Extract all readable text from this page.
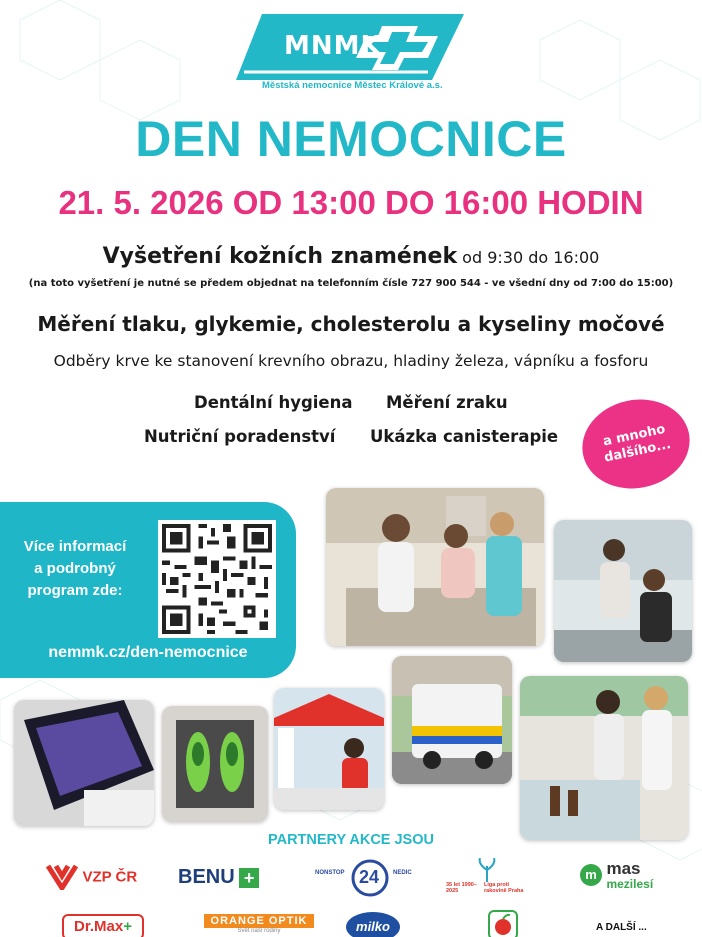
MNMK
Městská nemocnice Městec Králové a.s.
DEN NEMOCNICE
21. 5. 2026 OD 13:00 DO 16:00 HODIN
Vyšetření kožních znamének od 9:30 do 16:00
(na toto vyšetření je nutné se předem objednat na telefonním čísle 727 900 544 - ve všední dny od 7:00 do 15:00)
Měření tlaku, glykemie, cholesterolu a kyseliny močové
Odběry krve ke stanovení krevního obrazu, hladiny železa, vápníku a fosforu
Dentální hygiena Měření zraku
Nutriční poradenství Ukázka canisterapie	a mnoho dalšího...
Více informací
a podrobný
program zde:
nemmk.cz/den-nemocnice
PARTNERY AKCE JSOU
VZP ČR BENU +	NONSTOP 24 NEDIC
35 let 1990–2025
Liga proti rakovině Praha
m mas
mezilesí
Dr.Max+	ORANGE OPTIK
Svět naší rodiny	milko	A DALŠÍ ...
